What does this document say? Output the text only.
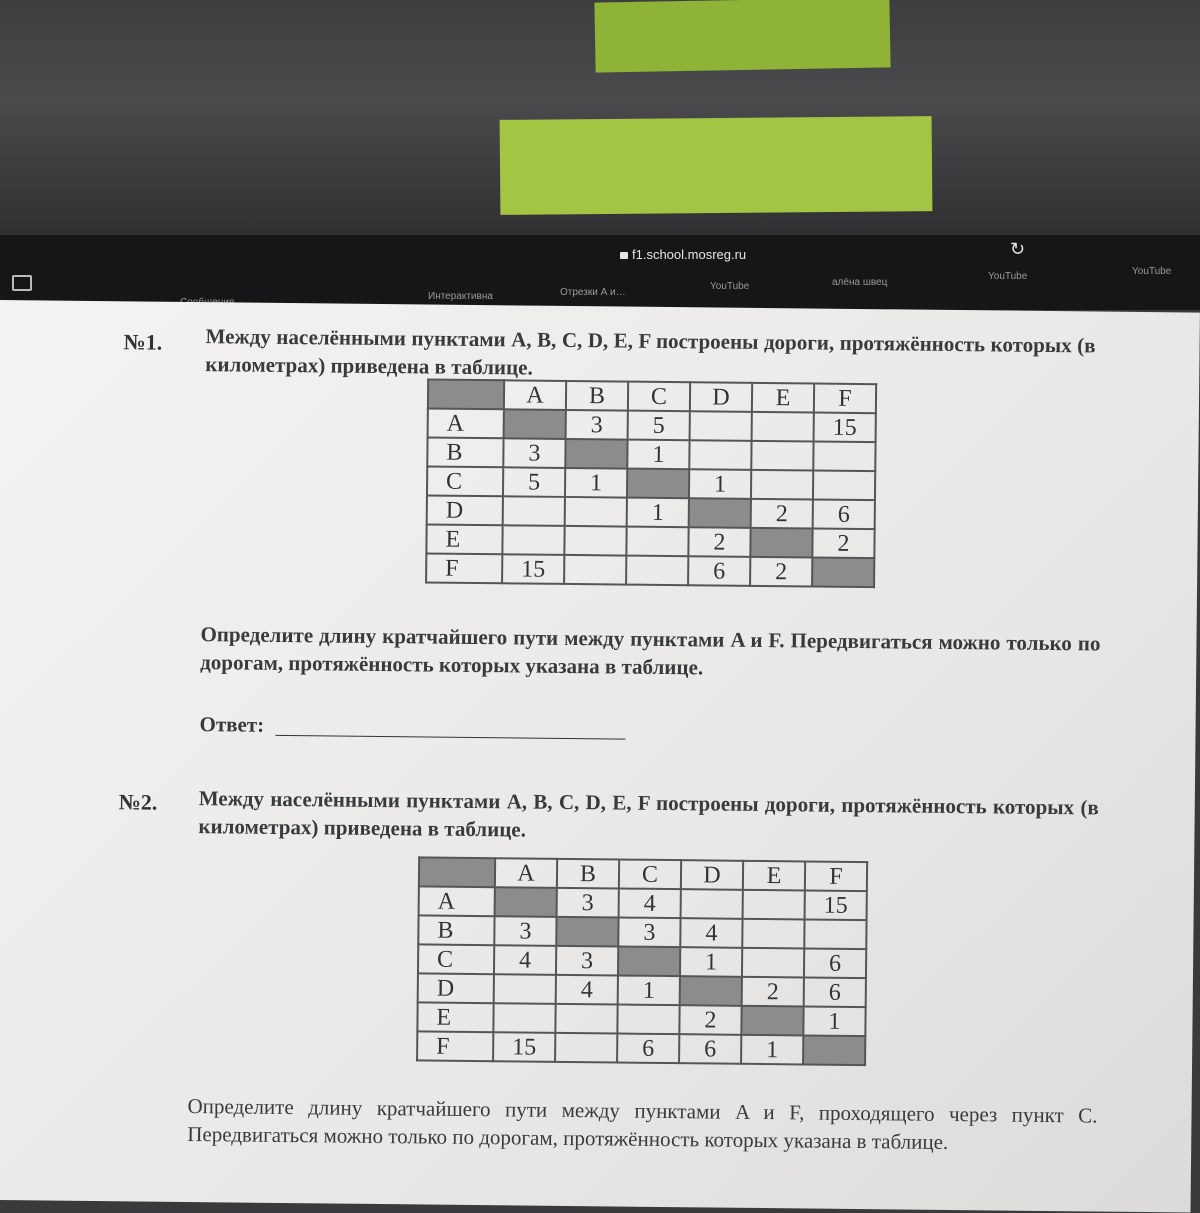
f1.school.mosreg.ru	↻
Интерактивна	Отрезки А и…
YouTube	алёна швец
YouTube	YouTube
№1. Между населёнными пунктами A, B, C, D, E, F построены дороги, протяжённость которых (в километрах) приведена в таблице.
	A	B	C	D	E	F
A		3	5			15
B	3		1			
C	5	1		1		
D			1		2	6
E				2		2
F	15			6	2	
Определите длину кратчайшего пути между пунктами A и F. Передвигаться можно только по дорогам, протяжённость которых указана в таблице.
Ответ:
№2. Между населёнными пунктами A, B, C, D, E, F построены дороги, протяжённость которых (в километрах) приведена в таблице.
	A	B	C	D	E	F
A		3	4			15
B	3		3	4		
C	4	3		1		6
D		4	1		2	6
E				2		1
F	15		6	6	1	
Определите длину кратчайшего пути между пунктами A и F, проходящего через пункт C. Передвигаться можно только по дорогам, протяжённость которых указана в таблице.
